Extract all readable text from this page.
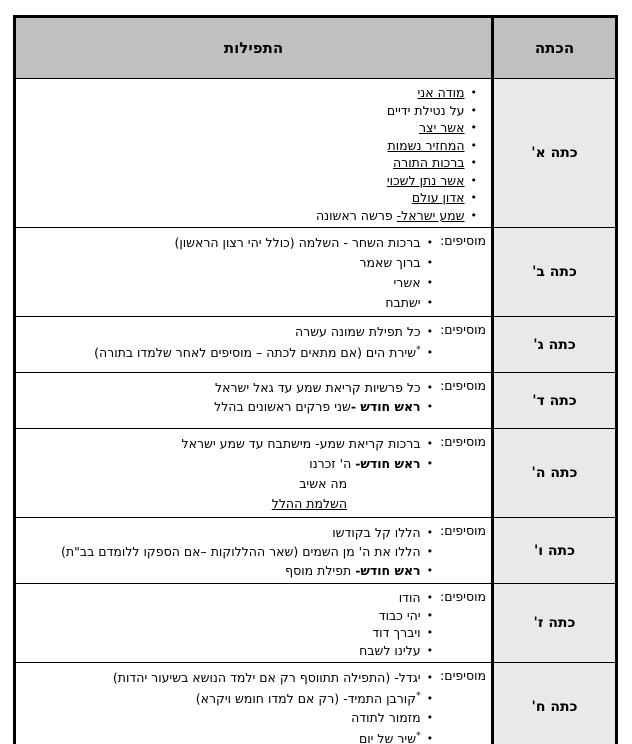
הכתה	התפילות
כתה א'	
•מודה אני
•על נטילת ידיים
•אשר יצר
•המחזיר נשמות
•ברכות התורה
•אשר נתן לשכוי
•אדון עולם
•שמע ישראל- פרשה ראשונה

כתה ב'	מוסיפים:
•ברכות השחר - השלמה (כולל יהי רצון הראשון)
•ברוך שאמר
•אשרי
•ישתבח

כתה ג'	מוסיפים:
•כל תפילת שמונה עשרה
•*שירת הים (אם מתאים לכתה – מוסיפים לאחר שלמדו בתורה)

כתה ד'	מוסיפים:
•כל פרשיות קריאת שמע עד גאל ישראל
•ראש חודש -שני פרקים ראשונים בהלל

כתה ה'	מוסיפים:
•ברכות קריאת שמע- מישתבח עד שמע ישראל
•ראש חודש- ה' זכרנו
מה אשיב
השלמת ההלל

כתה ו'	מוסיפים:
•הללו קל בקודשו
•הללו את ה' מן השמים (שאר ההללוקות –אם הספקו ללומדם בב"ת)
•ראש חודש- תפילת מוסף

כתה ז'	מוסיפים:
•הודו
•יהי כבוד
•ויברך דוד
•עלינו לשבח

כתה ח'	מוסיפים:
•יגדל- (התפילה תתווסף רק אם ילמד הנושא בשיעור יהדות)
•*קורבן התמיד- (רק אם למדו חומש ויקרא)
•מזמור לתודה
•*שיר של יום
